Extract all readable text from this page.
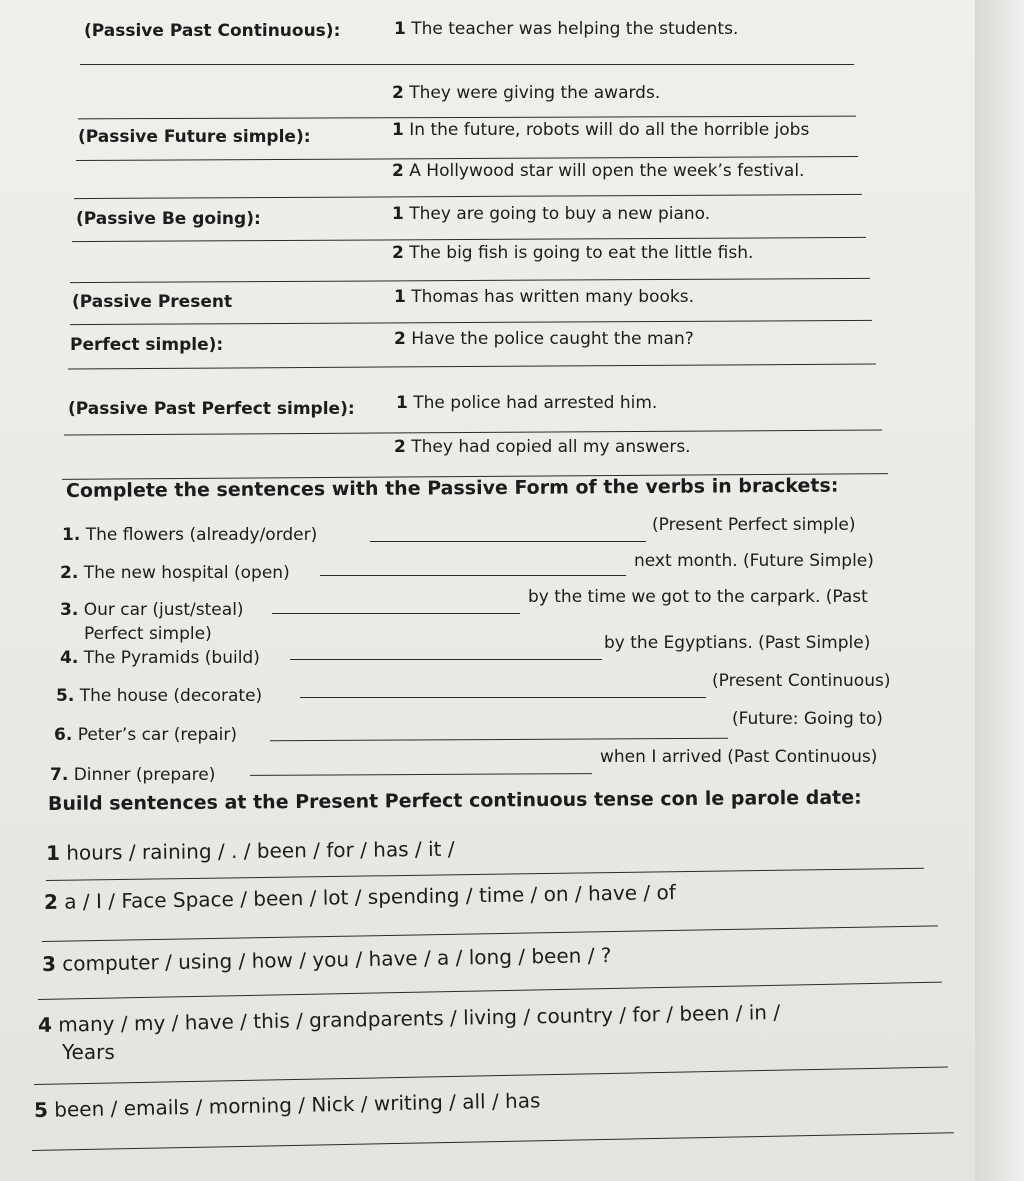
(Passive Past Continuous):	1 The teacher was helping the students.
2 They were giving the awards.
(Passive Future simple):	1 In the future, robots will do all the horrible jobs
2 A Hollywood star will open the week’s festival.
(Passive Be going):	1 They are going to buy a new piano.
2 The big fish is going to eat the little fish.
(Passive Present	1 Thomas has written many books.
Perfect simple):	2 Have the police caught the man?
(Passive Past Perfect simple): 1 The police had arrested him.
2 They had copied all my answers.
Complete the sentences with the Passive Form of the verbs in brackets:
1. The flowers (already/order)	(Present Perfect simple)
2. The new hospital (open)
next month. (Future Simple)
3. Our car (just/steal)
by the time we got to the carpark. (Past
Perfect simple)
4. The Pyramids (build)
by the Egyptians. (Past Simple)
5. The house (decorate)
(Present Continuous)
6. Peter’s car (repair)
(Future: Going to)
7. Dinner (prepare)
when I arrived (Past Continuous)
Build sentences at the Present Perfect continuous tense con le parole date:
1 hours / raining / . / been / for / has / it /
2 a / I / Face Space / been / lot / spending / time / on / have / of
3 computer / using / how / you / have / a / long / been / ?
4 many / my / have / this / grandparents / living / country / for / been / in /
Years
5 been / emails / morning / Nick / writing / all / has
